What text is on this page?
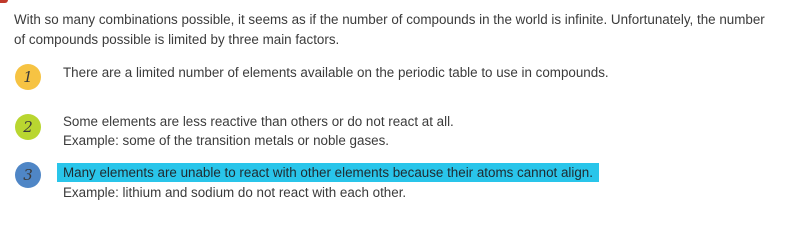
With so many combinations possible, it seems as if the number of compounds in the world is infinite. Unfortunately, the number
of compounds possible is limited by three main factors.
1	There are a limited number of elements available on the periodic table to use in compounds.
2	Some elements are less reactive than others or do not react at all.
Example: some of the transition metals or noble gases.
3	Many elements are unable to react with other elements because their atoms cannot align.
Example: lithium and sodium do not react with each other.
